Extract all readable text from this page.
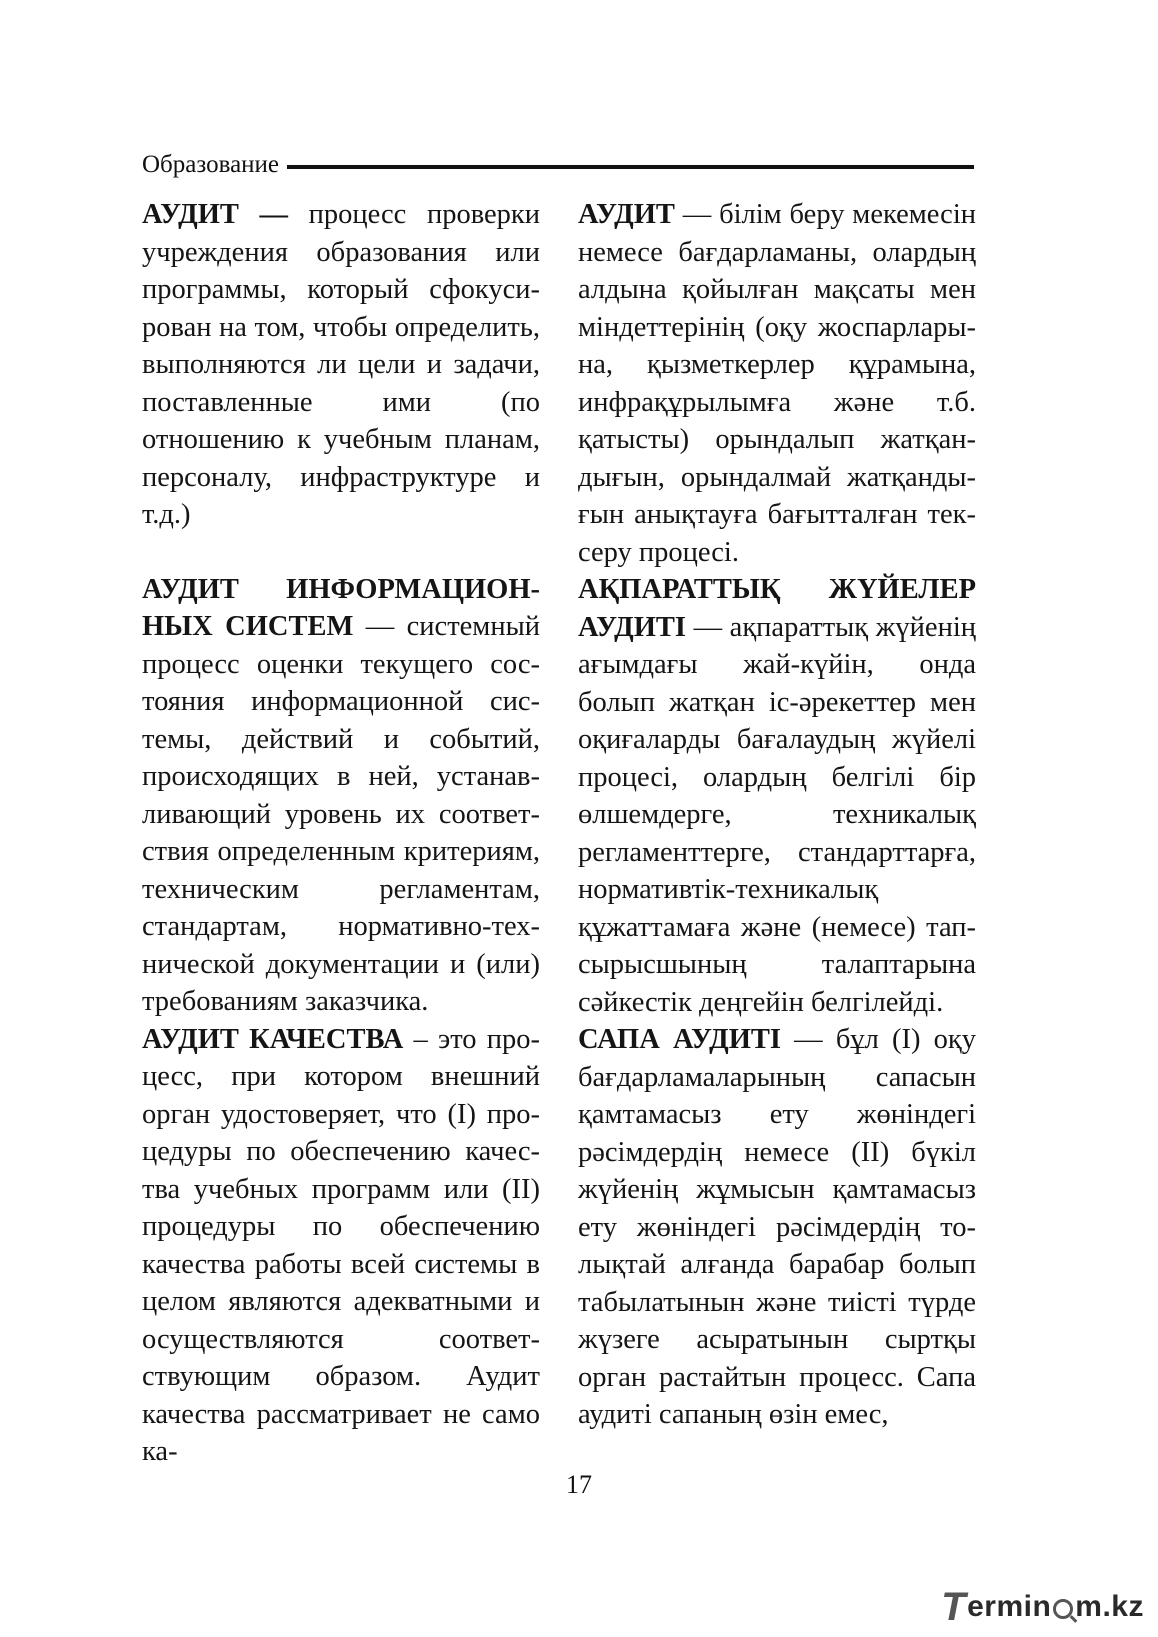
Образование

АУДИТ — процесс проверки учреждения образования или программы, который сфокусирован на том, чтобы определить, выполняются ли цели и задачи, поставленные ими (по отношению к учебным планам, персоналу, инфраструктуре и т.д.)

АУДИТ ИНФОРМАЦИОННЫХ СИСТЕМ — системный процесс оценки текущего состояния информационной системы, действий и событий, происходящих в ней, устанавливающий уровень их соответствия определенным критериям, техническим регламентам, стандартам, нормативно-технической документации и (или) требованиям заказчика.

АУДИТ КАЧЕСТВА – это процесс, при котором внешний орган удостоверяет, что (I) процедуры по обеспечению качества учебных программ или (II) процедуры по обеспечению качества работы всей системы в целом являются адекватными и осуществляются соответствующим образом. Аудит качества рассматривает не само ка-

АУДИТ — білім беру мекемесін немесе бағдарламаны, олардың алдына қойылған мақсаты мен міндеттерінің (оқу жоспарларына, қызметкерлер құрамына, инфрақұрылымға және т.б. қатысты) орындалып жатқандығын, орындалмай жатқандығын анықтауға бағытталған тексеру процесі.

АҚПАРАТТЫҚ ЖҮЙЕЛЕР АУДИТІ — ақпараттық жүйенің ағымдағы жай-күйін, онда болып жатқан іс-әрекеттер мен оқиғаларды бағалаудың жүйелі процесі, олардың белгілі бір өлшемдерге, техникалық регламенттерге, стандарттарға, нормативтік-техникалық құжаттамаға және (немесе) тапсырысшының талаптарына сәйкестік деңгейін белгілейді.

САПА АУДИТІ — бұл (I) оқу бағдарламаларының сапасын қамтамасыз ету жөніндегі рәсімдердің немесе (II) бүкіл жүйенің жұмысын қамтамасыз ету жөніндегі рәсімдердің толықтай алғанда барабар болып табылатынын және тиісті түрде жүзеге асыратынын сыртқы орган растайтын процесс. Сапа аудиті сапаның өзін емес,

17
T ermin m.kz
